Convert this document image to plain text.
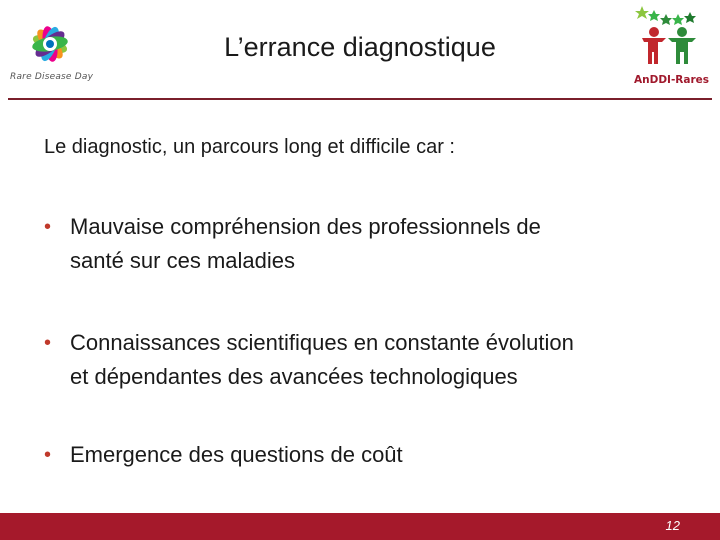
Rare Disease Day
L’errance diagnostique
AnDDI-Rares

Le diagnostic, un parcours long et difficile car :

• Mauvaise compréhension des professionnels de
santé sur ces maladies
• Connaissances scientifiques en constante évolution
et dépendantes des avancées technologiques
• Emergence des questions de coût
12
